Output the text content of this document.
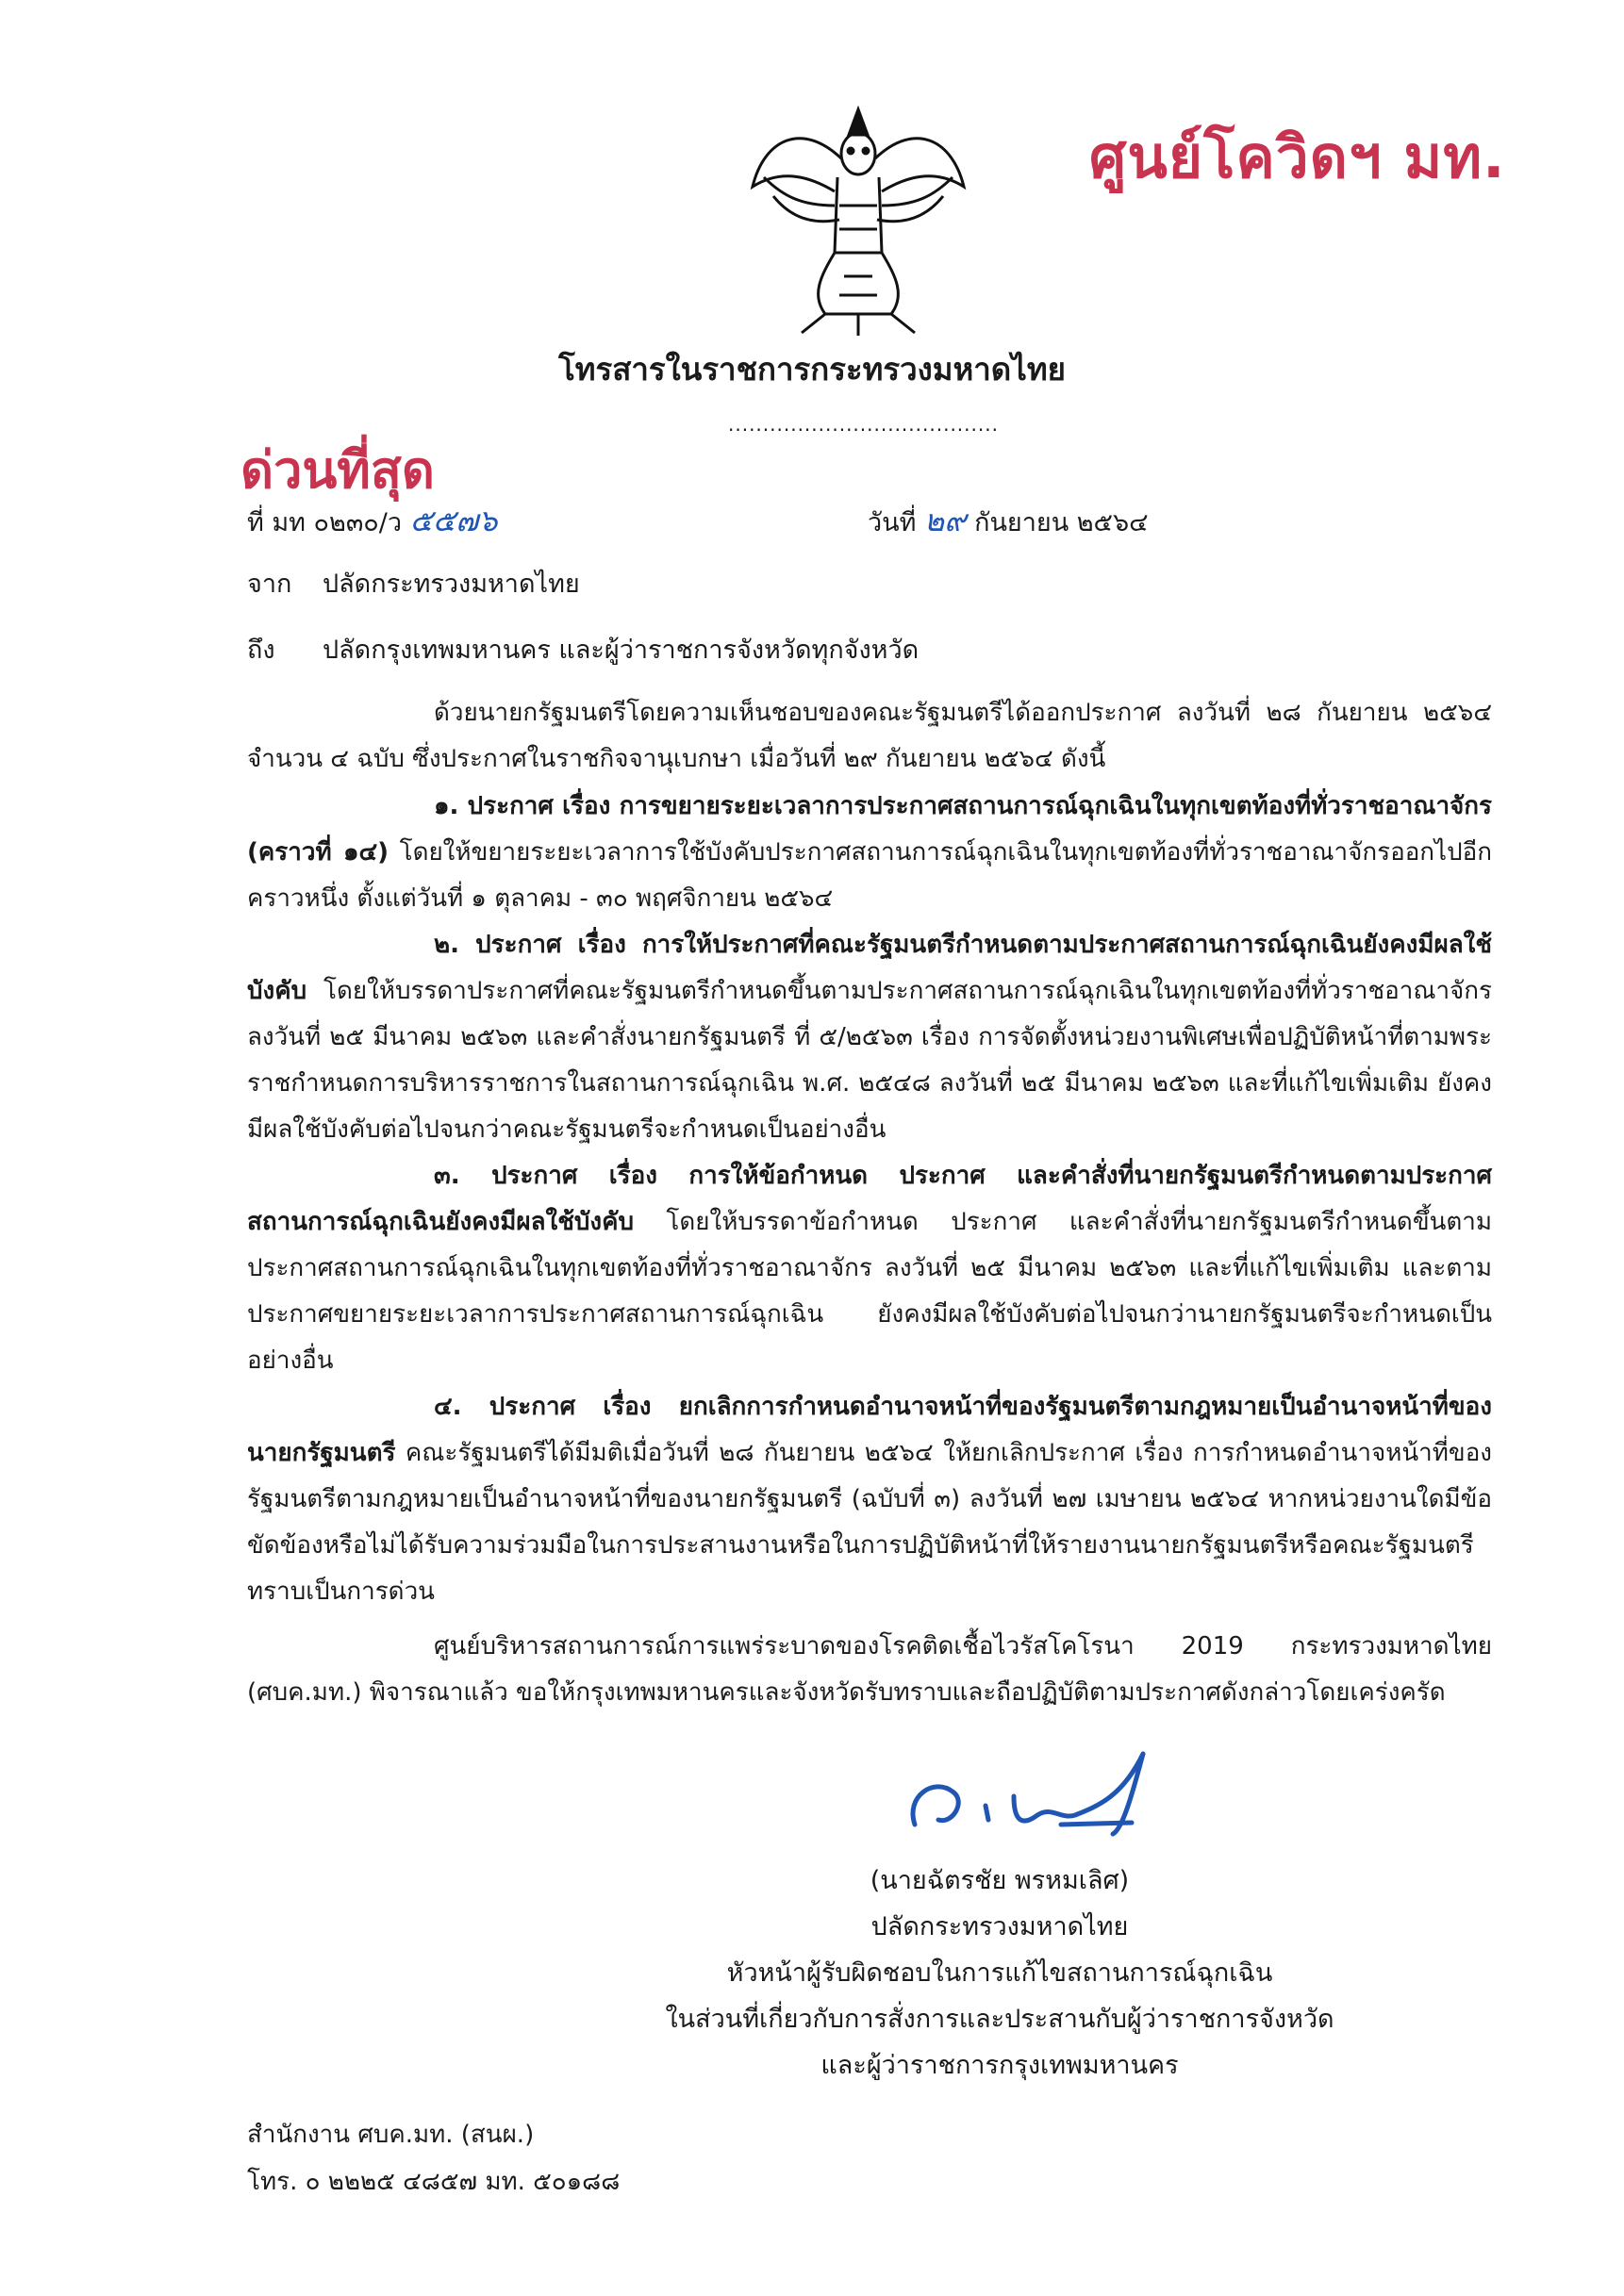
ศูนย์โควิดฯ มท.
โทรสารในราชการกระทรวงมหาดไทย
.......................................
ด่วนที่สุด
ที่ มท ๐๒๓๐/ว ๕๕๗๖	วันที่ ๒๙ กันยายน ๒๕๖๔
จาก ปลัดกระทรวงมหาดไทย
ถึง ปลัดกรุงเทพมหานคร และผู้ว่าราชการจังหวัดทุกจังหวัด
ด้วยนายกรัฐมนตรีโดยความเห็นชอบของคณะรัฐมนตรีได้ออกประกาศ ลงวันที่ ๒๘ กันยายน ๒๕๖๔ จำนวน ๔ ฉบับ ซึ่งประกาศในราชกิจจานุเบกษา เมื่อวันที่ ๒๙ กันยายน ๒๕๖๔ ดังนี้
๑. ประกาศ เรื่อง การขยายระยะเวลาการประกาศสถานการณ์ฉุกเฉินในทุกเขตท้องที่ทั่วราชอาณาจักร (คราวที่ ๑๔) โดยให้ขยายระยะเวลาการใช้บังคับประกาศสถานการณ์ฉุกเฉินในทุกเขตท้องที่ทั่วราชอาณาจักรออกไปอีกคราวหนึ่ง ตั้งแต่วันที่ ๑ ตุลาคม - ๓๐ พฤศจิกายน ๒๕๖๔
๒. ประกาศ เรื่อง การให้ประกาศที่คณะรัฐมนตรีกำหนดตามประกาศสถานการณ์ฉุกเฉินยังคงมีผลใช้บังคับ โดยให้บรรดาประกาศที่คณะรัฐมนตรีกำหนดขึ้นตามประกาศสถานการณ์ฉุกเฉินในทุกเขตท้องที่ทั่วราชอาณาจักร ลงวันที่ ๒๕ มีนาคม ๒๕๖๓ และคำสั่งนายกรัฐมนตรี ที่ ๕/๒๕๖๓ เรื่อง การจัดตั้งหน่วยงานพิเศษเพื่อปฏิบัติหน้าที่ตามพระราชกำหนดการบริหารราชการในสถานการณ์ฉุกเฉิน พ.ศ. ๒๕๔๘ ลงวันที่ ๒๕ มีนาคม ๒๕๖๓ และที่แก้ไขเพิ่มเติม ยังคงมีผลใช้บังคับต่อไปจนกว่าคณะรัฐมนตรีจะกำหนดเป็นอย่างอื่น
๓. ประกาศ เรื่อง การให้ข้อกำหนด ประกาศ และคำสั่งที่นายกรัฐมนตรีกำหนดตามประกาศสถานการณ์ฉุกเฉินยังคงมีผลใช้บังคับ โดยให้บรรดาข้อกำหนด ประกาศ และคำสั่งที่นายกรัฐมนตรีกำหนดขึ้นตามประกาศสถานการณ์ฉุกเฉินในทุกเขตท้องที่ทั่วราชอาณาจักร ลงวันที่ ๒๕ มีนาคม ๒๕๖๓ และที่แก้ไขเพิ่มเติม และตามประกาศขยายระยะเวลาการประกาศสถานการณ์ฉุกเฉิน ยังคงมีผลใช้บังคับต่อไปจนกว่านายกรัฐมนตรีจะกำหนดเป็นอย่างอื่น
๔. ประกาศ เรื่อง ยกเลิกการกำหนดอำนาจหน้าที่ของรัฐมนตรีตามกฎหมายเป็นอำนาจหน้าที่ของนายกรัฐมนตรี คณะรัฐมนตรีได้มีมติเมื่อวันที่ ๒๘ กันยายน ๒๕๖๔ ให้ยกเลิกประกาศ เรื่อง การกำหนดอำนาจหน้าที่ของรัฐมนตรีตามกฎหมายเป็นอำนาจหน้าที่ของนายกรัฐมนตรี (ฉบับที่ ๓) ลงวันที่ ๒๗ เมษายน ๒๕๖๔ หากหน่วยงานใดมีข้อขัดข้องหรือไม่ได้รับความร่วมมือในการประสานงานหรือในการปฏิบัติหน้าที่ให้รายงานนายกรัฐมนตรีหรือคณะรัฐมนตรีทราบเป็นการด่วน
ศูนย์บริหารสถานการณ์การแพร่ระบาดของโรคติดเชื้อไวรัสโคโรนา 2019 กระทรวงมหาดไทย (ศบค.มท.) พิจารณาแล้ว ขอให้กรุงเทพมหานครและจังหวัดรับทราบและถือปฏิบัติตามประกาศดังกล่าวโดยเคร่งครัด
(นายฉัตรชัย พรหมเลิศ)
ปลัดกระทรวงมหาดไทย
หัวหน้าผู้รับผิดชอบในการแก้ไขสถานการณ์ฉุกเฉิน
ในส่วนที่เกี่ยวกับการสั่งการและประสานกับผู้ว่าราชการจังหวัด
และผู้ว่าราชการกรุงเทพมหานคร
สำนักงาน ศบค.มท. (สนผ.)
โทร. ๐ ๒๒๒๕ ๔๘๕๗ มท. ๕๐๑๘๘
